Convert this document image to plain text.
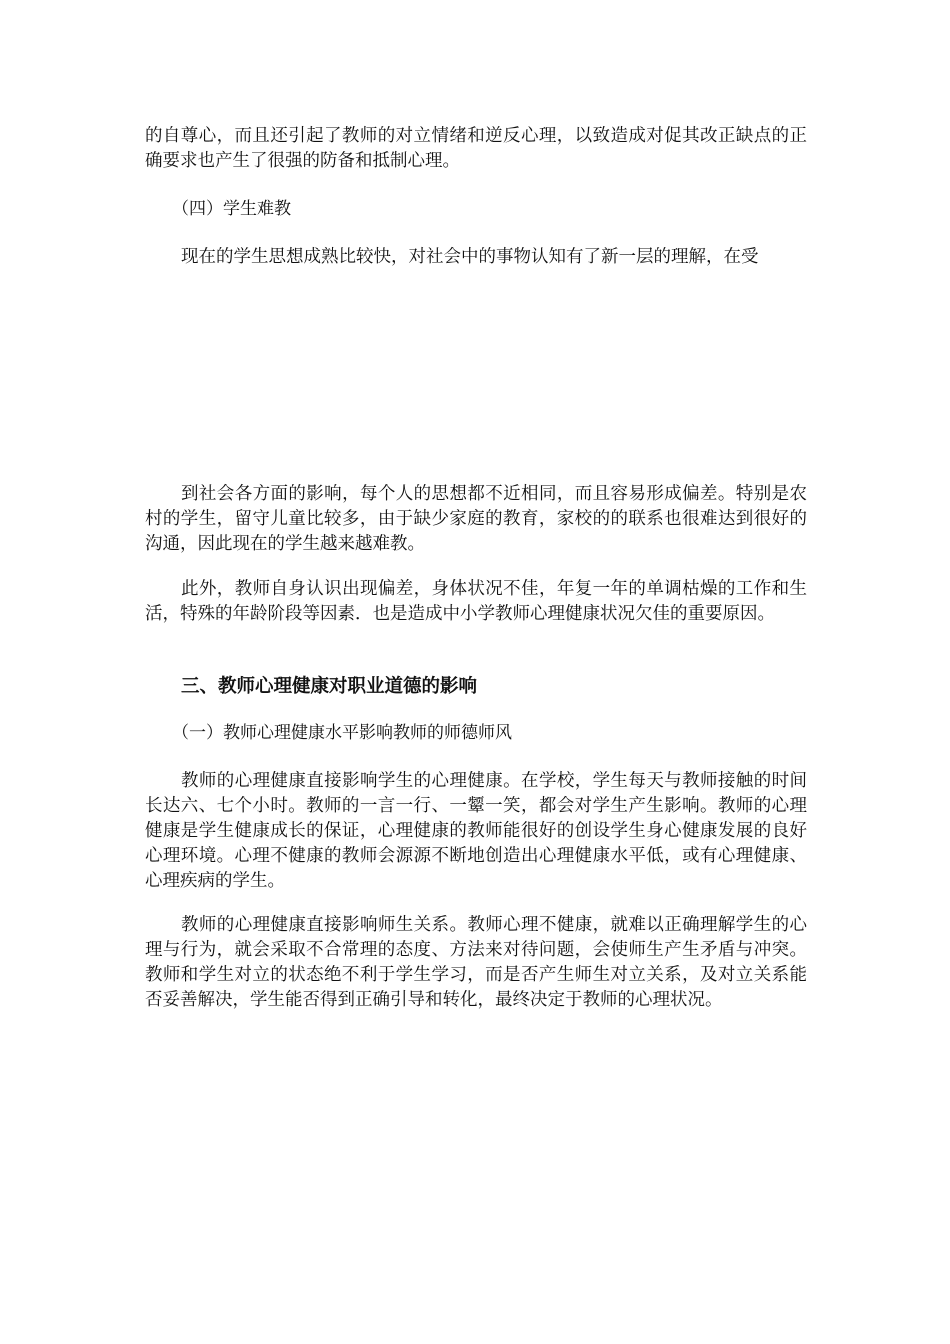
的自尊心，而且还引起了教师的对立情绪和逆反心理，以致造成对促其改正缺点的正确要求也产生了很强的防备和抵制心理。

（四）学生难教

现在的学生思想成熟比较快，对社会中的事物认知有了新一层的理解，在受

到社会各方面的影响，每个人的思想都不近相同，而且容易形成偏差。特别是农村的学生，留守儿童比较多，由于缺少家庭的教育，家校的的联系也很难达到很好的沟通，因此现在的学生越来越难教。

此外，教师自身认识出现偏差，身体状况不佳，年复一年的单调枯燥的工作和生活，特殊的年龄阶段等因素．也是造成中小学教师心理健康状况欠佳的重要原因。

三、教师心理健康对职业道德的影响

（一）教师心理健康水平影响教师的师德师风

教师的心理健康直接影响学生的心理健康。在学校，学生每天与教师接触的时间长达六、七个小时。教师的一言一行、一颦一笑，都会对学生产生影响。教师的心理健康是学生健康成长的保证，心理健康的教师能很好的创设学生身心健康发展的良好心理环境。心理不健康的教师会源源不断地创造出心理健康水平低，或有心理健康、心理疾病的学生。

教师的心理健康直接影响师生关系。教师心理不健康，就难以正确理解学生的心理与行为，就会采取不合常理的态度、方法来对待问题，会使师生产生矛盾与冲突。教师和学生对立的状态绝不利于学生学习，而是否产生师生对立关系，及对立关系能否妥善解决，学生能否得到正确引导和转化，最终决定于教师的心理状况。
